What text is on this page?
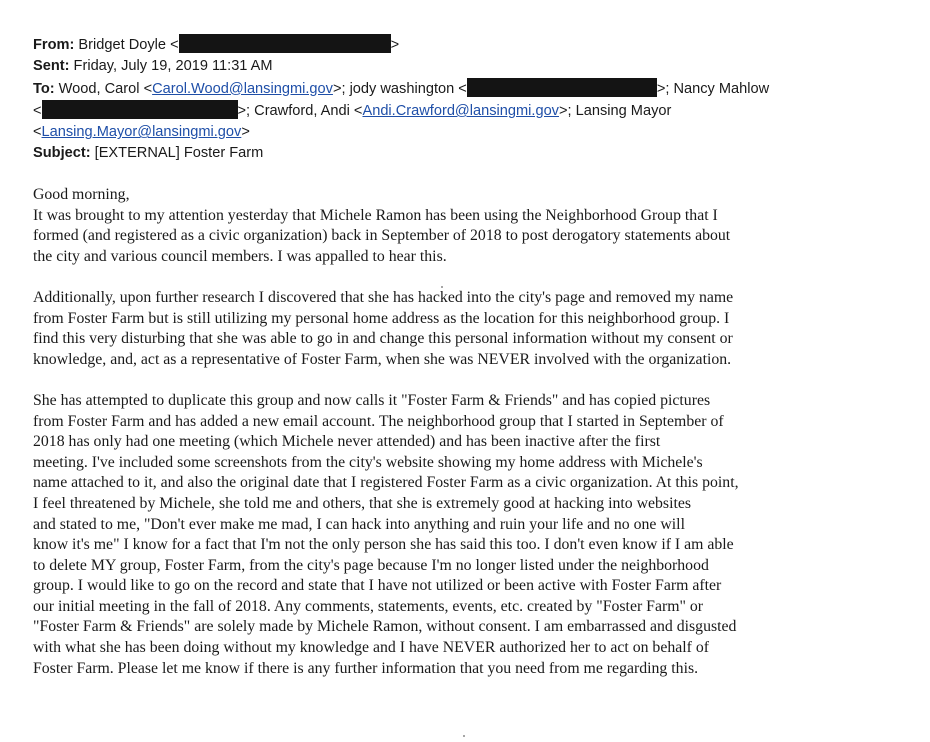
From: Bridget Doyle <	>
Sent: Friday, July 19, 2019 11:31 AM
To: Wood, Carol <Carol.Wood@lansingmi.gov>; jody washington <	>; Nancy Mahlow
<	>; Crawford, Andi <Andi.Crawford@lansingmi.gov>; Lansing Mayor
<Lansing.Mayor@lansingmi.gov>
Subject: [EXTERNAL] Foster Farm
Good morning,
It was brought to my attention yesterday that Michele Ramon has been using the Neighborhood Group that I
formed (and registered as a civic organization) back in September of 2018 to post derogatory statements about
the city and various council members. I was appalled to hear this.
Additionally, upon further research I discovered that she has hacked into the city's page and removed my name
from Foster Farm but is still utilizing my personal home address as the location for this neighborhood group. I
find this very disturbing that she was able to go in and change this personal information without my consent or
knowledge, and, act as a representative of Foster Farm, when she was NEVER involved with the organization.
She has attempted to duplicate this group and now calls it "Foster Farm & Friends" and has copied pictures
from Foster Farm and has added a new email account. The neighborhood group that I started in September of
2018 has only had one meeting (which Michele never attended) and has been inactive after the first
meeting. I've included some screenshots from the city's website showing my home address with Michele's
name attached to it, and also the original date that I registered Foster Farm as a civic organization. At this point,
I feel threatened by Michele, she told me and others, that she is extremely good at hacking into websites
and stated to me, "Don't ever make me mad, I can hack into anything and ruin your life and no one will
know it's me" I know for a fact that I'm not the only person she has said this too. I don't even know if I am able
to delete MY group, Foster Farm, from the city's page because I'm no longer listed under the neighborhood
group. I would like to go on the record and state that I have not utilized or been active with Foster Farm after
our initial meeting in the fall of 2018. Any comments, statements, events, etc. created by "Foster Farm" or
"Foster Farm & Friends" are solely made by Michele Ramon, without consent. I am embarrassed and disgusted
with what she has been doing without my knowledge and I have NEVER authorized her to act on behalf of
Foster Farm. Please let me know if there is any further information that you need from me regarding this.
